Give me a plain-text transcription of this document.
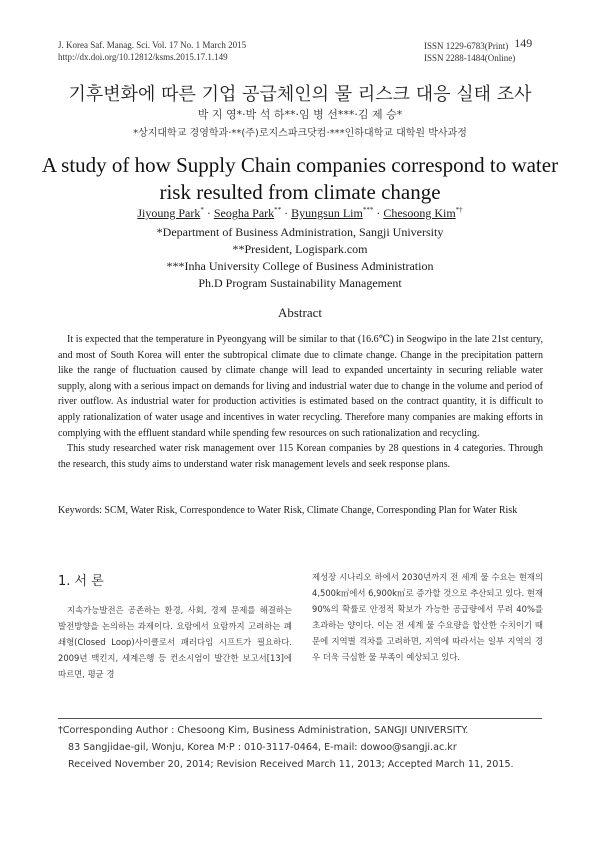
J. Korea Saf. Manag. Sci. Vol. 17 No. 1 March 2015
http://dx.doi.org/10.12812/ksms.2015.17.1.149
ISSN 1229-6783(Print) 149
ISSN 2288-1484(Online)
기후변화에 따른 기업 공급체인의 물 리스크 대응 실태 조사
박 지 영*·박 석 하**·임 병 선***·김 제 승*
*상지대학교 경영학과·**(주)로지스파크닷컴·***인하대학교 대학원 박사과정
A study of how Supply Chain companies correspond to water
risk resulted from climate change
Jiyoung Park* · Seogha Park** · Byungsun Lim*** · Chesoong Kim*†
*Department of Business Administration, Sangji University
**President, Logispark.com
***Inha University College of Business Administration
Ph.D Program Sustainability Management
Abstract

It is expected that the temperature in Pyeongyang will be similar to that (16.6℃) in Seogwipo in the late 21st century, and most of South Korea will enter the subtropical climate due to climate change. Change in the precipitation pattern like the range of fluctuation caused by climate change will lead to expanded uncertainty in securing reliable water supply, along with a serious impact on demands for living and industrial water due to change in the volume and period of river outflow. As industrial water for production activities is estimated based on the contract quantity, it is difficult to apply rationalization of water usage and incentives in water recycling. Therefore many companies are making efforts in complying with the effluent standard while spending few resources on such rationalization and recycling.

This study researched water risk management over 115 Korean companies by 28 questions in 4 categories. Through the research, this study aims to understand water risk management levels and seek response plans.

Keywords: SCM, Water Risk, Correspondence to Water Risk, Climate Change, Corresponding Plan for Water Risk
1. 서 론
지속가능발전은 공존하는 환경, 사회, 경제 문제를 해결하는 발전방향을 논의하는 과제이다. 요람에서 요람까지 고려하는 폐쇄형(Closed Loop)사이클로서 패러다임 시프트가 필요하다. 2009년 맥킨지, 세계은행 등 컨소시엄이 발간한 보고서[13]에 따르면, 평균 경
제성장 시나리오 하에서 2030년까지 전 세계 물 수요는 현재의 4,500k㎥에서 6,900k㎥로 증가할 것으로 추산되고 있다. 현재 90%의 확률로 안정적 확보가 가능한 공급량에서 무려 40%를 초과하는 양이다. 이는 전 세계 물 수요량을 합산한 수치이기 때문에 지역별 격차를 고려하면, 지역에 따라서는 일부 지역의 경우 더욱 극심한 물 부족이 예상되고 있다.
†Corresponding Author : Chesoong Kim, Business Administration, SANGJI UNIVERSITY.
83 Sangjidae-gil, Wonju, Korea M·P : 010-3117-0464, E-mail: dowoo@sangji.ac.kr
Received November 20, 2014; Revision Received March 11, 2013; Accepted March 11, 2015.
